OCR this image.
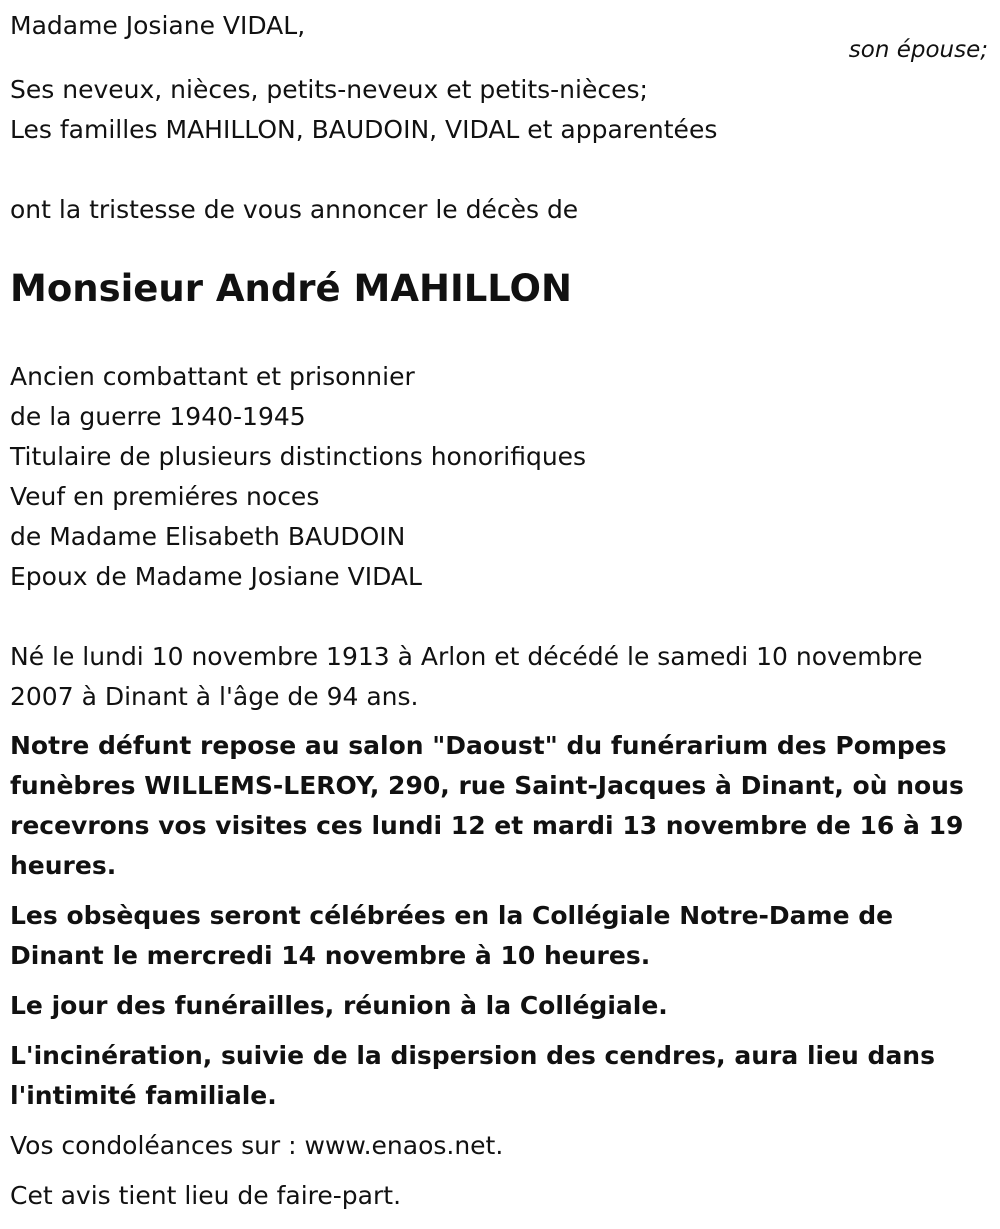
Madame Josiane VIDAL,

son épouse;

Ses neveux, nièces, petits-neveux et petits-nièces;

Les familles MAHILLON, BAUDOIN, VIDAL et apparentées

ont la tristesse de vous annoncer le décès de

Monsieur André MAHILLON

Ancien combattant et prisonnier

de la guerre 1940-1945

Titulaire de plusieurs distinctions honorifiques

Veuf en premiéres noces

de Madame Elisabeth BAUDOIN

Epoux de Madame Josiane VIDAL

Né le lundi 10 novembre 1913 à Arlon et décédé le samedi 10 novembre 2007 à Dinant à l'âge de 94 ans.

Notre défunt repose au salon "Daoust" du funérarium des Pompes funèbres WILLEMS-LEROY, 290, rue Saint-Jacques à Dinant, où nous recevrons vos visites ces lundi 12 et mardi 13 novembre de 16 à 19 heures.

Les obsèques seront célébrées en la Collégiale Notre-Dame de Dinant le mercredi 14 novembre à 10 heures.

Le jour des funérailles, réunion à la Collégiale.

L'incinération, suivie de la dispersion des cendres, aura lieu dans l'intimité familiale.

Vos condoléances sur : www.enaos.net.

Cet avis tient lieu de faire-part.
